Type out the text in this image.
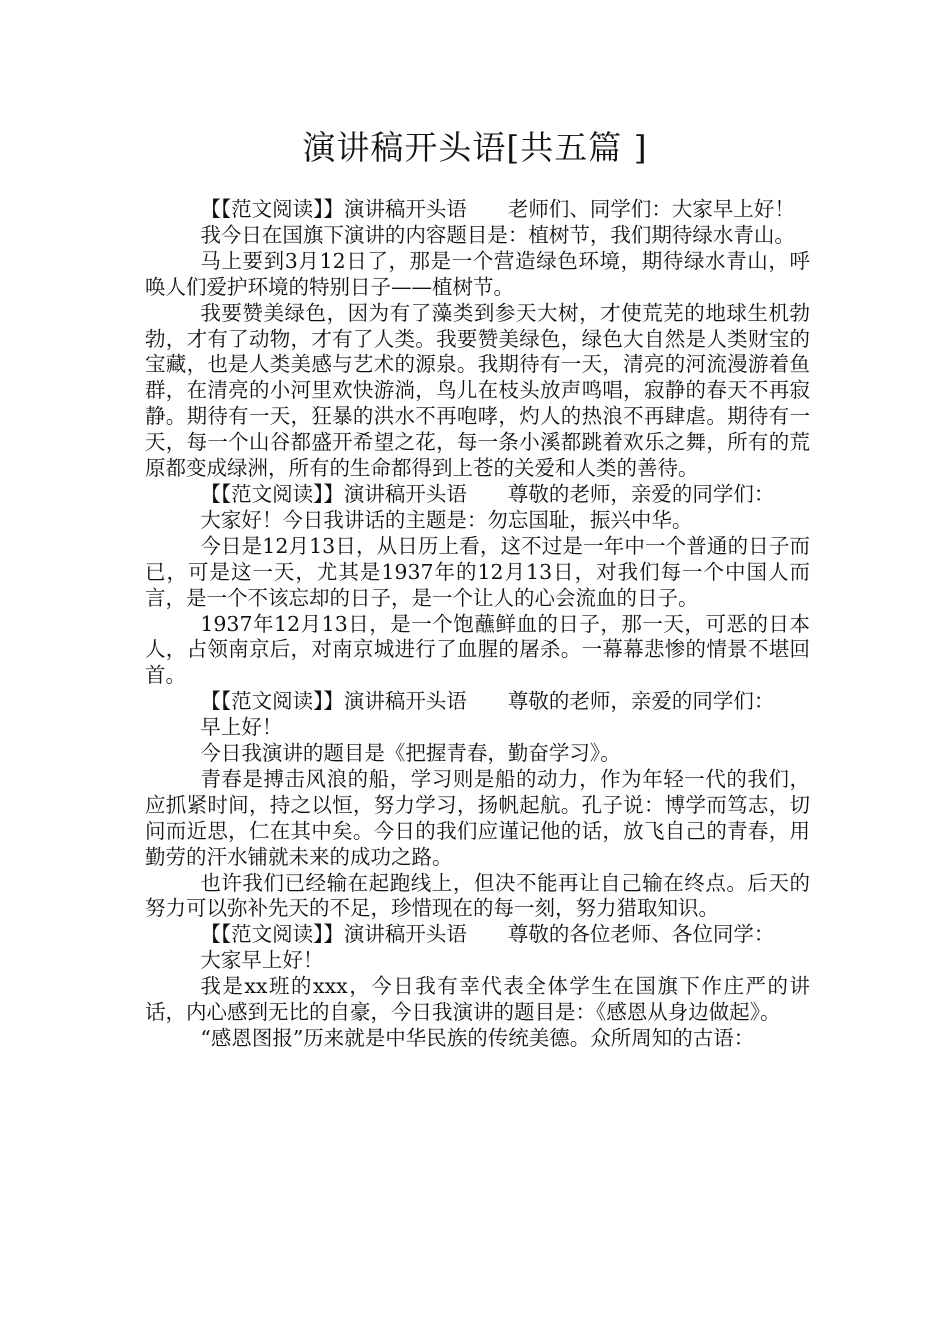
演讲稿开头语[共五篇 ]

【【范文阅读】】演讲稿开头语　　老师们、同学们：大家早上好！

我今日在国旗下演讲的内容题目是：植树节，我们期待绿水青山。

马上要到3月12日了，那是一个营造绿色环境，期待绿水青山，呼唤人们爱护环境的特别日子——植树节。

我要赞美绿色，因为有了藻类到参天大树，才使荒芜的地球生机勃勃，才有了动物，才有了人类。我要赞美绿色，绿色大自然是人类财宝的宝藏，也是人类美感与艺术的源泉。我期待有一天，清亮的河流漫游着鱼群，在清亮的小河里欢快游淌，鸟儿在枝头放声鸣唱，寂静的春天不再寂静。期待有一天，狂暴的洪水不再咆哮，灼人的热浪不再肆虐。期待有一天，每一个山谷都盛开希望之花，每一条小溪都跳着欢乐之舞，所有的荒原都变成绿洲，所有的生命都得到上苍的关爱和人类的善待。

【【范文阅读】】演讲稿开头语　　尊敬的老师，亲爱的同学们：

大家好！今日我讲话的主题是：勿忘国耻，振兴中华。

今日是12月13日，从日历上看，这不过是一年中一个普通的日子而已，可是这一天，尤其是1937年的12月13日，对我们每一个中国人而言，是一个不该忘却的日子，是一个让人的心会流血的日子。

1937年12月13日，是一个饱蘸鲜血的日子，那一天，可恶的日本人，占领南京后，对南京城进行了血腥的屠杀。一幕幕悲惨的情景不堪回首。

【【范文阅读】】演讲稿开头语　　尊敬的老师，亲爱的同学们：

早上好！

今日我演讲的题目是《把握青春，勤奋学习》。

青春是搏击风浪的船，学习则是船的动力，作为年轻一代的我们，应抓紧时间，持之以恒，努力学习，扬帆起航。孔子说：博学而笃志，切问而近思，仁在其中矣。今日的我们应谨记他的话，放飞自己的青春，用勤劳的汗水铺就未来的成功之路。

也许我们已经输在起跑线上，但决不能再让自己输在终点。后天的努力可以弥补先天的不足，珍惜现在的每一刻，努力猎取知识。

【【范文阅读】】演讲稿开头语　　尊敬的各位老师、各位同学：

大家早上好！

我是xx班的xxx，今日我有幸代表全体学生在国旗下作庄严的讲话，内心感到无比的自豪，今日我演讲的题目是：《感恩从身边做起》。

“感恩图报”历来就是中华民族的传统美德。众所周知的古语：
